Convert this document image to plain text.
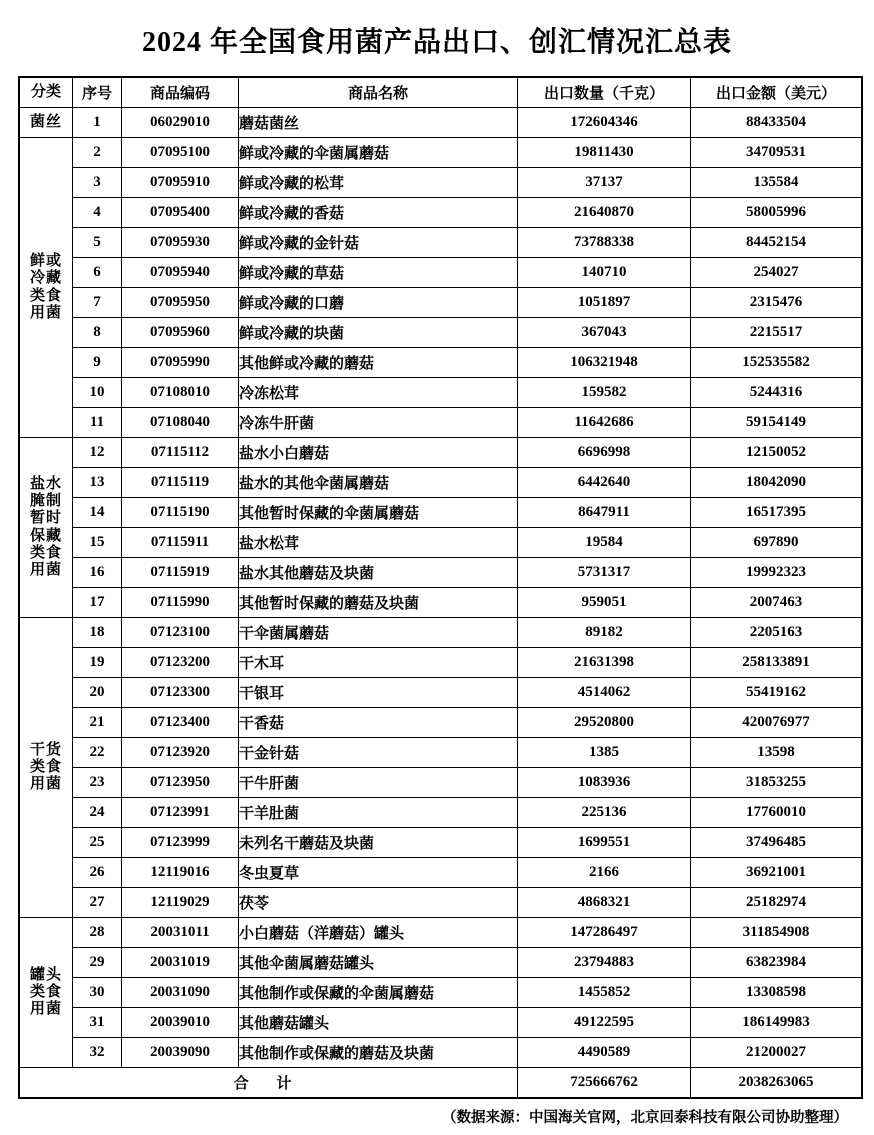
2024 年全国食用菌产品出口、创汇情况汇总表
分类	序号	商品编码	商品名称	出口数量（千克）	出口金额（美元）

菌丝	1	06029010	蘑菇菌丝	172604346	88433504

鲜或
冷藏
类食
用菌	2	07095100	鲜或冷藏的伞菌属蘑菇	19811430	34709531
	3	07095910	鲜或冷藏的松茸	37137	135584
	4	07095400	鲜或冷藏的香菇	21640870	58005996
	5	07095930	鲜或冷藏的金针菇	73788338	84452154
	6	07095940	鲜或冷藏的草菇	140710	254027
	7	07095950	鲜或冷藏的口蘑	1051897	2315476
	8	07095960	鲜或冷藏的块菌	367043	2215517
	9	07095990	其他鲜或冷藏的蘑菇	106321948	152535582
	10	07108010	冷冻松茸	159582	5244316
	11	07108040	冷冻牛肝菌	11642686	59154149

盐水
腌制
暂时
保藏
类食
用菌
	12	07115112	盐水小白蘑菇	6696998	12150052
	13	07115119	盐水的其他伞菌属蘑菇	6442640	18042090
	14	07115190	其他暂时保藏的伞菌属蘑菇	8647911	16517395
	15	07115911	盐水松茸	19584	697890
	16	07115919	盐水其他蘑菇及块菌	5731317	19992323
	17	07115990	其他暂时保藏的蘑菇及块菌	959051	2007463

干货
类食
用菌	18	07123100	干伞菌属蘑菇	89182	2205163
	19	07123200	干木耳	21631398	258133891
	20	07123300	干银耳	4514062	55419162
	21	07123400	干香菇	29520800	420076977
	22	07123920	干金针菇	1385	13598
	23	07123950	干牛肝菌	1083936	31853255
	24	07123991	干羊肚菌	225136	17760010
	25	07123999	未列名干蘑菇及块菌	1699551	37496485
	26	12119016	冬虫夏草	2166	36921001
	27	12119029	茯苓	4868321	25182974

罐头
类食
用菌	28	20031011	小白蘑菇（洋蘑菇）罐头	147286497	311854908
	29	20031019	其他伞菌属蘑菇罐头	23794883	63823984
	30	20031090	其他制作或保藏的伞菌属蘑菇	1455852	13308598
	31	20039010	其他蘑菇罐头	49122595	186149983
	32	20039090	其他制作或保藏的蘑菇及块菌	4490589	21200027
合 计				725666762	2038263065
（数据来源：中国海关官网，北京回泰科技有限公司协助整理）
